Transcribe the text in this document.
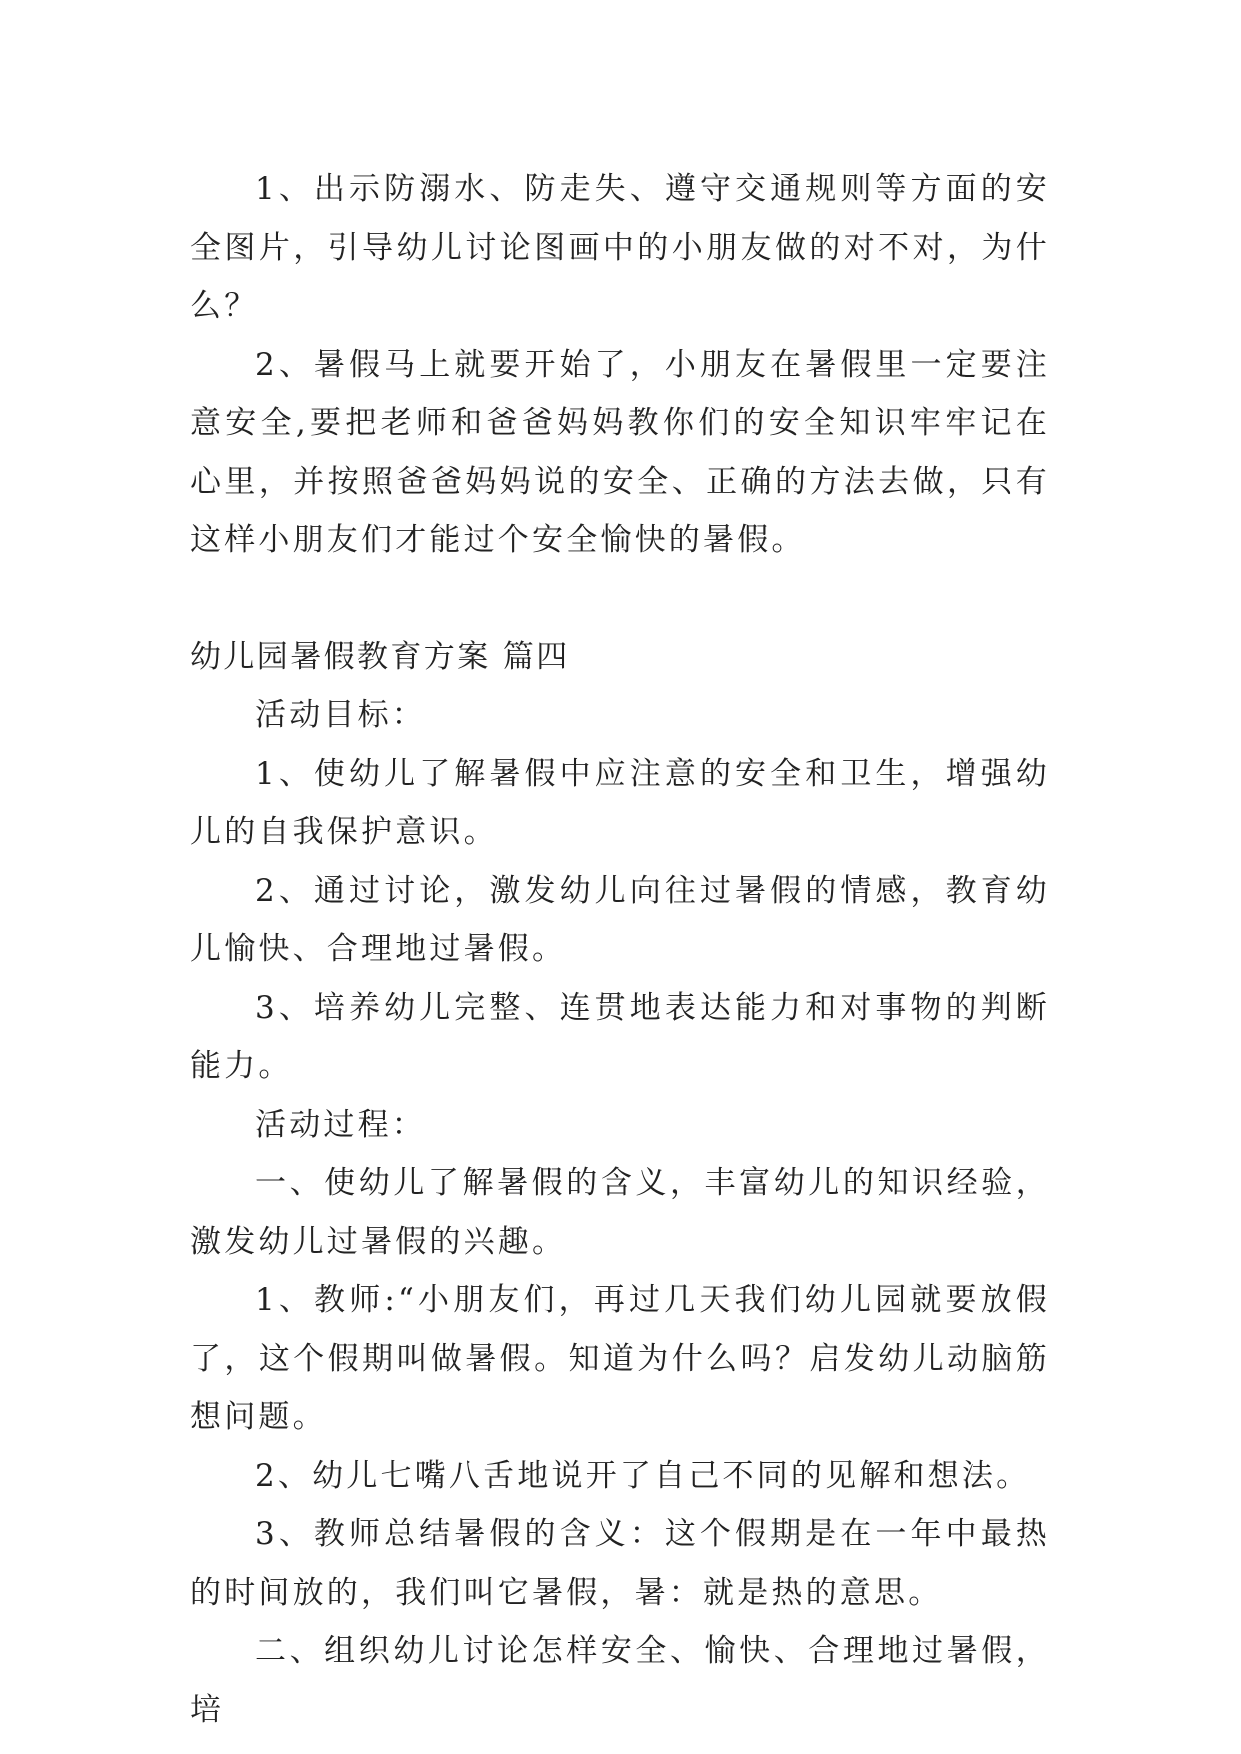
1、出示防溺水、防走失、遵守交通规则等方面的安全图片，引导幼儿讨论图画中的小朋友做的对不对，为什么？

2、暑假马上就要开始了，小朋友在暑假里一定要注意安全,要把老师和爸爸妈妈教你们的安全知识牢牢记在心里，并按照爸爸妈妈说的安全、正确的方法去做，只有这样小朋友们才能过个安全愉快的暑假。

幼儿园暑假教育方案 篇四

活动目标：

1、使幼儿了解暑假中应注意的安全和卫生，增强幼儿的自我保护意识。

2、通过讨论，激发幼儿向往过暑假的情感，教育幼儿愉快、合理地过暑假。

3、培养幼儿完整、连贯地表达能力和对事物的判断能力。

活动过程：

一、使幼儿了解暑假的含义，丰富幼儿的知识经验，激发幼儿过暑假的兴趣。

1、教师:“小朋友们，再过几天我们幼儿园就要放假了，这个假期叫做暑假。知道为什么吗？启发幼儿动脑筋想问题。

2、幼儿七嘴八舌地说开了自己不同的见解和想法。

3、教师总结暑假的含义：这个假期是在一年中最热的时间放的，我们叫它暑假，暑：就是热的意思。

二、组织幼儿讨论怎样安全、愉快、合理地过暑假，培
